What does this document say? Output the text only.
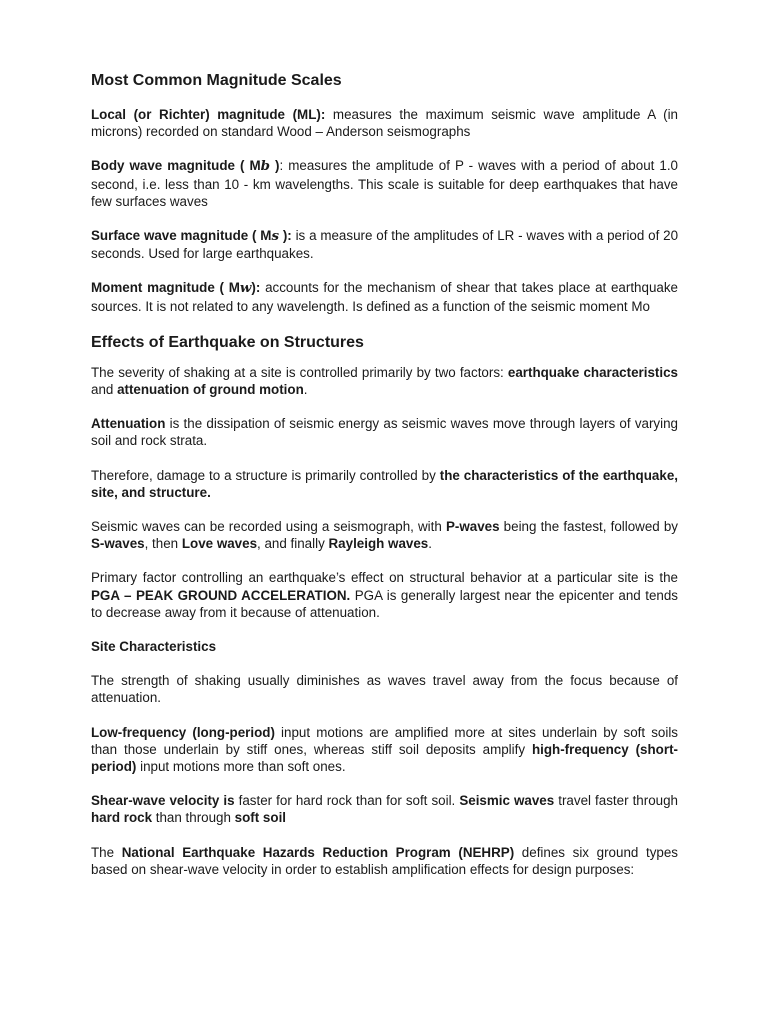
Most Common Magnitude Scales

Local (or Richter) magnitude (ML): measures the maximum seismic wave amplitude A (in microns) recorded on standard Wood – Anderson seismographs

Body wave magnitude ( Mb ): measures the amplitude of P - waves with a period of about 1.0 second, i.e. less than 10 - km wavelengths. This scale is suitable for deep earthquakes that have few surfaces waves

Surface wave magnitude ( Ms ): is a measure of the amplitudes of LR - waves with a period of 20 seconds. Used for large earthquakes.

Moment magnitude ( Mw): accounts for the mechanism of shear that takes place at earthquake sources. It is not related to any wavelength. Is defined as a function of the seismic moment Mo

Effects of Earthquake on Structures

The severity of shaking at a site is controlled primarily by two factors: earthquake characteristics and attenuation of ground motion.

Attenuation is the dissipation of seismic energy as seismic waves move through layers of varying soil and rock strata.

Therefore, damage to a structure is primarily controlled by the characteristics of the earthquake, site, and structure.

Seismic waves can be recorded using a seismograph, with P-waves being the fastest, followed by S-waves, then Love waves, and finally Rayleigh waves.

Primary factor controlling an earthquake’s effect on structural behavior at a particular site is the PGA – PEAK GROUND ACCELERATION. PGA is generally largest near the epicenter and tends to decrease away from it because of attenuation.

Site Characteristics

The strength of shaking usually diminishes as waves travel away from the focus because of attenuation.

Low-frequency (long-period) input motions are amplified more at sites underlain by soft soils than those underlain by stiff ones, whereas stiff soil deposits amplify high-frequency (short-period) input motions more than soft ones.

Shear-wave velocity is faster for hard rock than for soft soil. Seismic waves travel faster through hard rock than through soft soil

The National Earthquake Hazards Reduction Program (NEHRP) defines six ground types based on shear-wave velocity in order to establish amplification effects for design purposes:
